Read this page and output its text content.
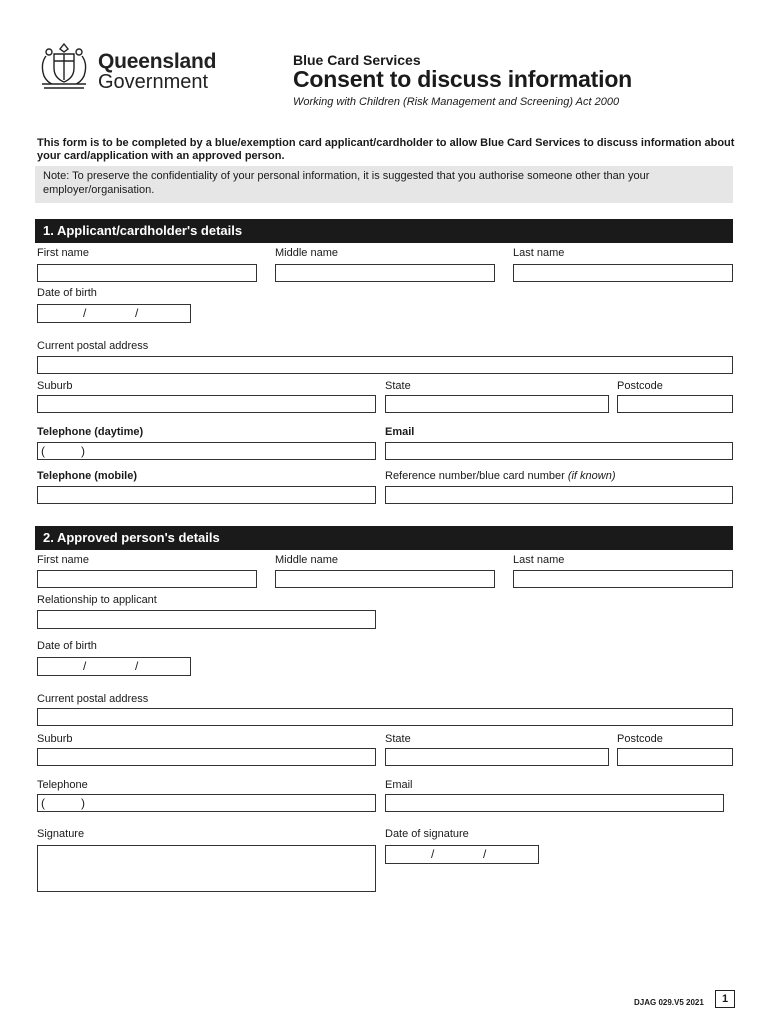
Queensland
Government
Blue Card Services
Consent to discuss information
Working with Children (Risk Management and Screening) Act 2000
This form is to be completed by a blue/exemption card applicant/cardholder to allow Blue Card Services to discuss information about your card/application with an approved person.
Note: To preserve the confidentiality of your personal information, it is suggested that you authorise someone other than your employer/organisation.
1. Applicant/cardholder's details
First name	Middle name	Last name
Date of birth
/	/
Current postal address
Suburb	State	Postcode
Telephone (daytime)	Email
(	)
Telephone (mobile)	Reference number/blue card number (if known)
2. Approved person's details
First name	Middle name	Last name
Relationship to applicant
Date of birth
/	/
Current postal address
Suburb	State	Postcode
Telephone	Email
(	)
Signature	Date of signature
/	/
DJAG 029.V5 2021	1
